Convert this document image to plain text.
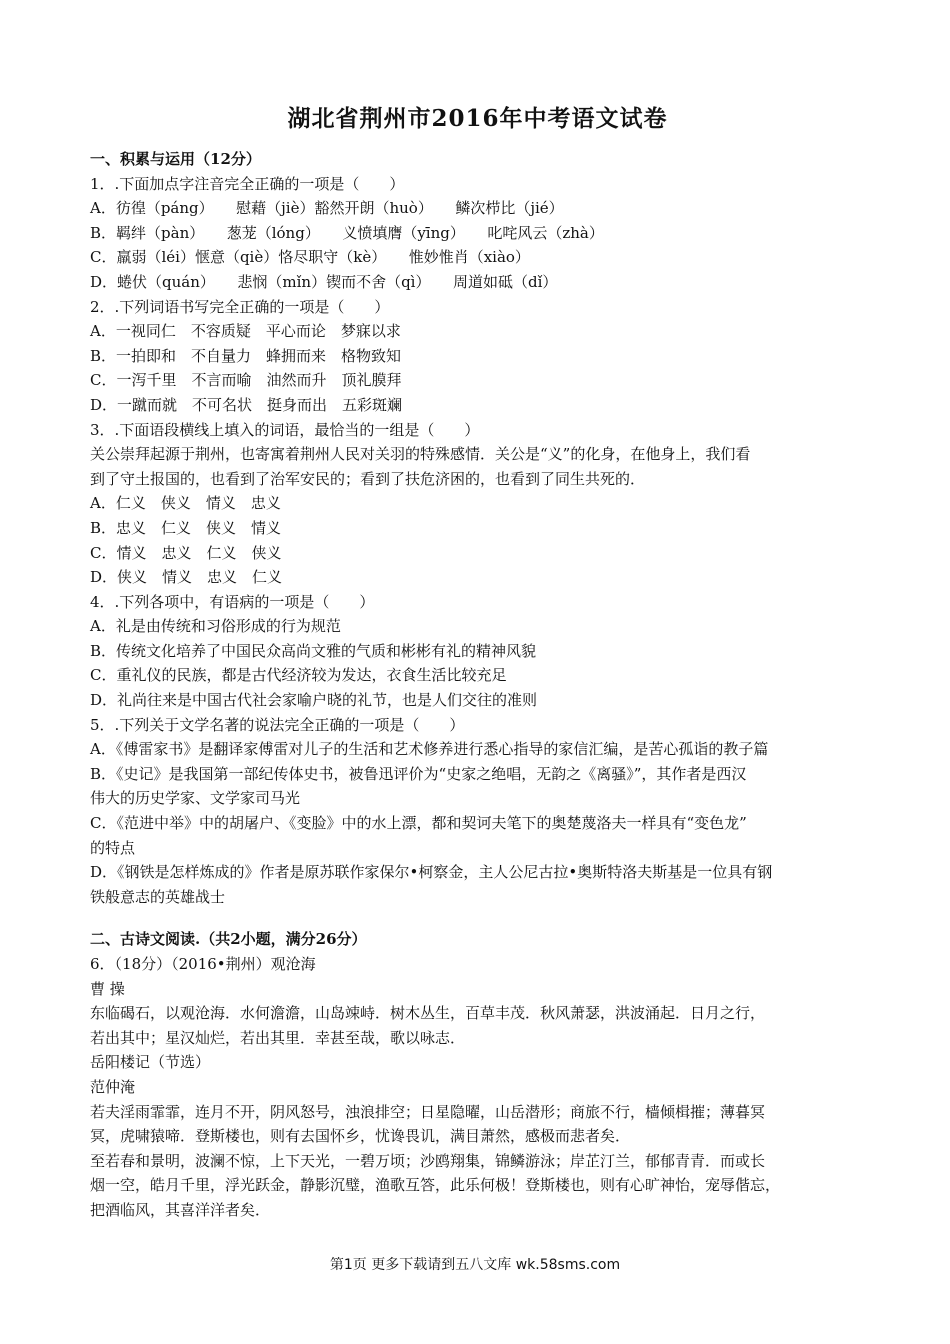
湖北省荆州市2016年中考语文试卷
一、积累与运用（12分）
1．.下面加点字注音完全正确的一项是（　　）
A．彷徨（páng）　　慰藉（jiè）豁然开朗（huò）　　鳞次栉比（jié）
B．羁绊（pàn）　　葱茏（lóng）　　义愤填膺（yīng）　　叱咤风云（zhà）
C．羸弱（léi）惬意（qiè）恪尽职守（kè）　　惟妙惟肖（xiào）
D．蜷伏（quán）　　悲悯（mǐn）锲而不舍（qì）　　周道如砥（dǐ）
2．.下列词语书写完全正确的一项是（　　）
A．一视同仁　不容质疑　平心而论　梦寐以求
B．一拍即和　不自量力　蜂拥而来　格物致知
C．一泻千里　不言而喻　油然而升　顶礼膜拜
D．一蹴而就　不可名状　挺身而出　五彩斑斓
3．.下面语段横线上填入的词语，最恰当的一组是（　　）
关公崇拜起源于荆州，也寄寓着荆州人民对关羽的特殊感情．关公是“义”的化身，在他身上，我们看
到了守土报国的，也看到了治军安民的；看到了扶危济困的，也看到了同生共死的．
A．仁义　侠义　情义　忠义
B．忠义　仁义　侠义　情义
C．情义　忠义　仁义　侠义
D．侠义　情义　忠义　仁义
4．.下列各项中，有语病的一项是（　　）
A．礼是由传统和习俗形成的行为规范
B．传统文化培养了中国民众高尚文雅的气质和彬彬有礼的精神风貌
C．重礼仪的民族，都是古代经济较为发达，衣食生活比较充足
D．礼尚往来是中国古代社会家喻户晓的礼节，也是人们交往的准则
5．.下列关于文学名著的说法完全正确的一项是（　　）
A．《傅雷家书》是翻译家傅雷对儿子的生活和艺术修养进行悉心指导的家信汇编，是苦心孤诣的教子篇
B．《史记》是我国第一部纪传体史书，被鲁迅评价为“史家之绝唱，无韵之《离骚》”，其作者是西汉
伟大的历史学家、文学家司马光
C．《范进中举》中的胡屠户、《变脸》中的水上漂，都和契诃夫笔下的奥楚蔑洛夫一样具有“变色龙”
的特点
D．《钢铁是怎样炼成的》作者是原苏联作家保尔•柯察金，主人公尼古拉•奥斯特洛夫斯基是一位具有钢
铁般意志的英雄战士
二、古诗文阅读.（共2小题，满分26分）
6．（18分）（2016•荆州）观沧海
曹 操
东临碣石，以观沧海．水何澹澹，山岛竦峙．树木丛生，百草丰茂．秋风萧瑟，洪波涌起．日月之行，
若出其中；星汉灿烂，若出其里．幸甚至哉，歌以咏志．
岳阳楼记（节选）
范仲淹
若夫淫雨霏霏，连月不开，阴风怒号，浊浪排空；日星隐曜，山岳潜形；商旅不行，樯倾楫摧；薄暮冥
冥，虎啸猿啼．登斯楼也，则有去国怀乡，忧谗畏讥，满目萧然，感极而悲者矣．
至若春和景明，波澜不惊，上下天光，一碧万顷；沙鸥翔集，锦鳞游泳；岸芷汀兰，郁郁青青．而或长
烟一空，皓月千里，浮光跃金，静影沉璧，渔歌互答，此乐何极！登斯楼也，则有心旷神怡，宠辱偕忘，
把酒临风，其喜洋洋者矣．
第1页 更多下载请到五八文库 wk.58sms.com
